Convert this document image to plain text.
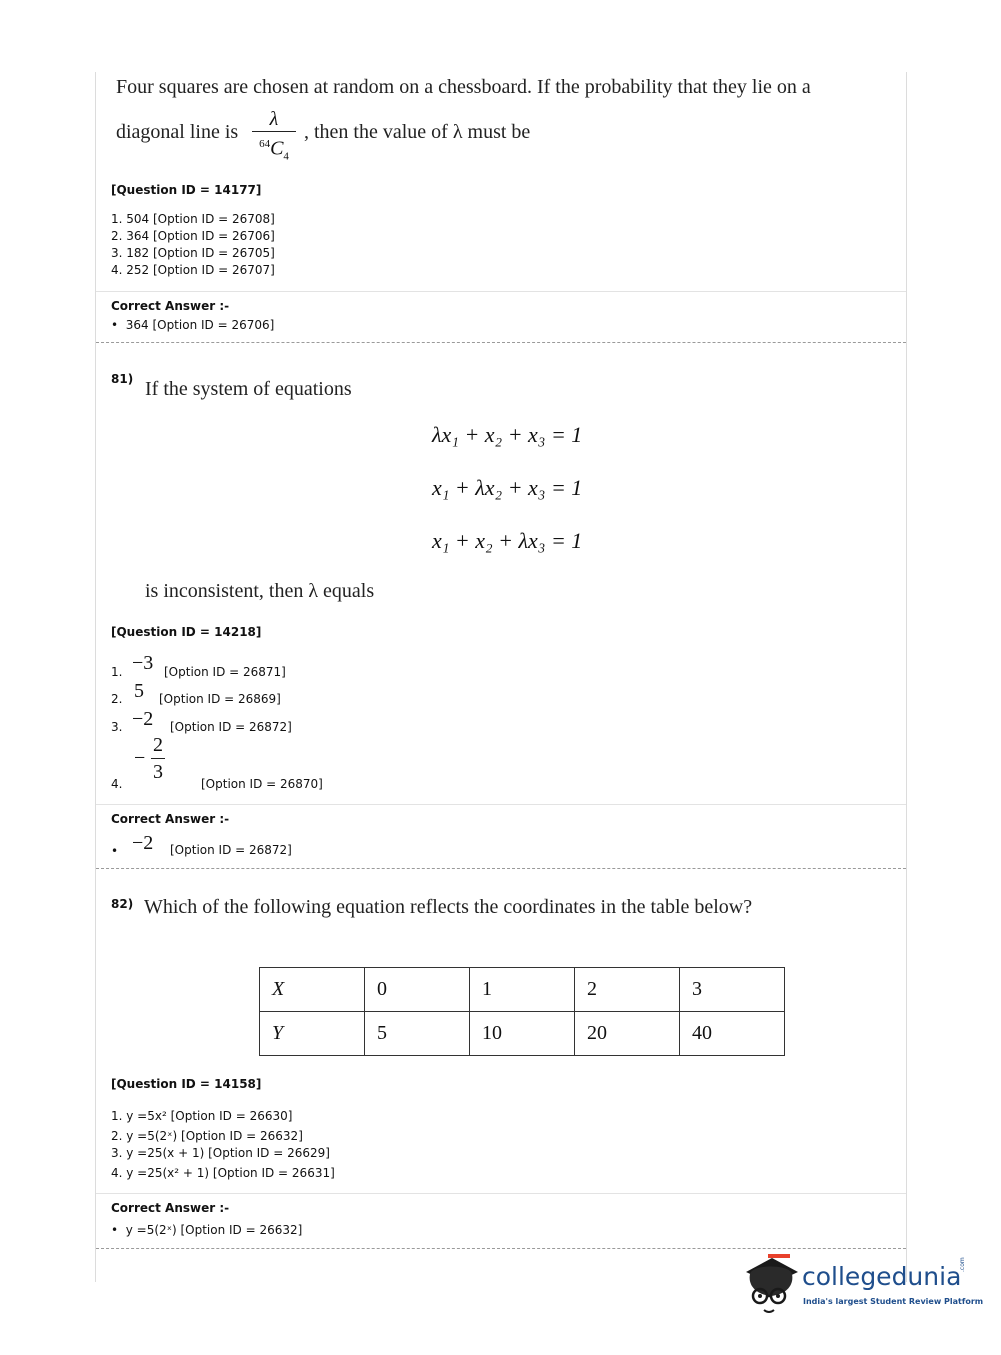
Four squares are chosen at random on a chessboard. If the probability that they lie on a
diagonal line is
λ
$^{64}C_4$
, then the value of λ must be
[Question ID = 14177]
1. 504 [Option ID = 26708]
2. 364 [Option ID = 26706]
3. 182 [Option ID = 26705]
4. 252 [Option ID = 26707]
Correct Answer :-
•  364 [Option ID = 26706]
81) If the system of equations
λx₁ + x₂ + x₃ = 1
x₁ + λx₂ + x₃ = 1
x₁ + x₂ + λx₃ = 1
is inconsistent, then λ equals
[Question ID = 14218]
1. −3 [Option ID = 26871]
2. 5 [Option ID = 26869]
3. −2 [Option ID = 26872]
4.
−
2
3
[Option ID = 26870]
Correct Answer :-
• −2 [Option ID = 26872]
82) Which of the following equation reflects the coordinates in the table below?
X	0	1	2	3
Y	5	10	20	40
[Question ID = 14158]
1. y =5x² [Option ID = 26630]
2. y =5(2ˣ) [Option ID = 26632]
3. y =25(x + 1) [Option ID = 26629]
4. y =25(x² + 1) [Option ID = 26631]
Correct Answer :-
•  y =5(2ˣ) [Option ID = 26632]
collegedunia
.com
India's largest Student Review Platform
